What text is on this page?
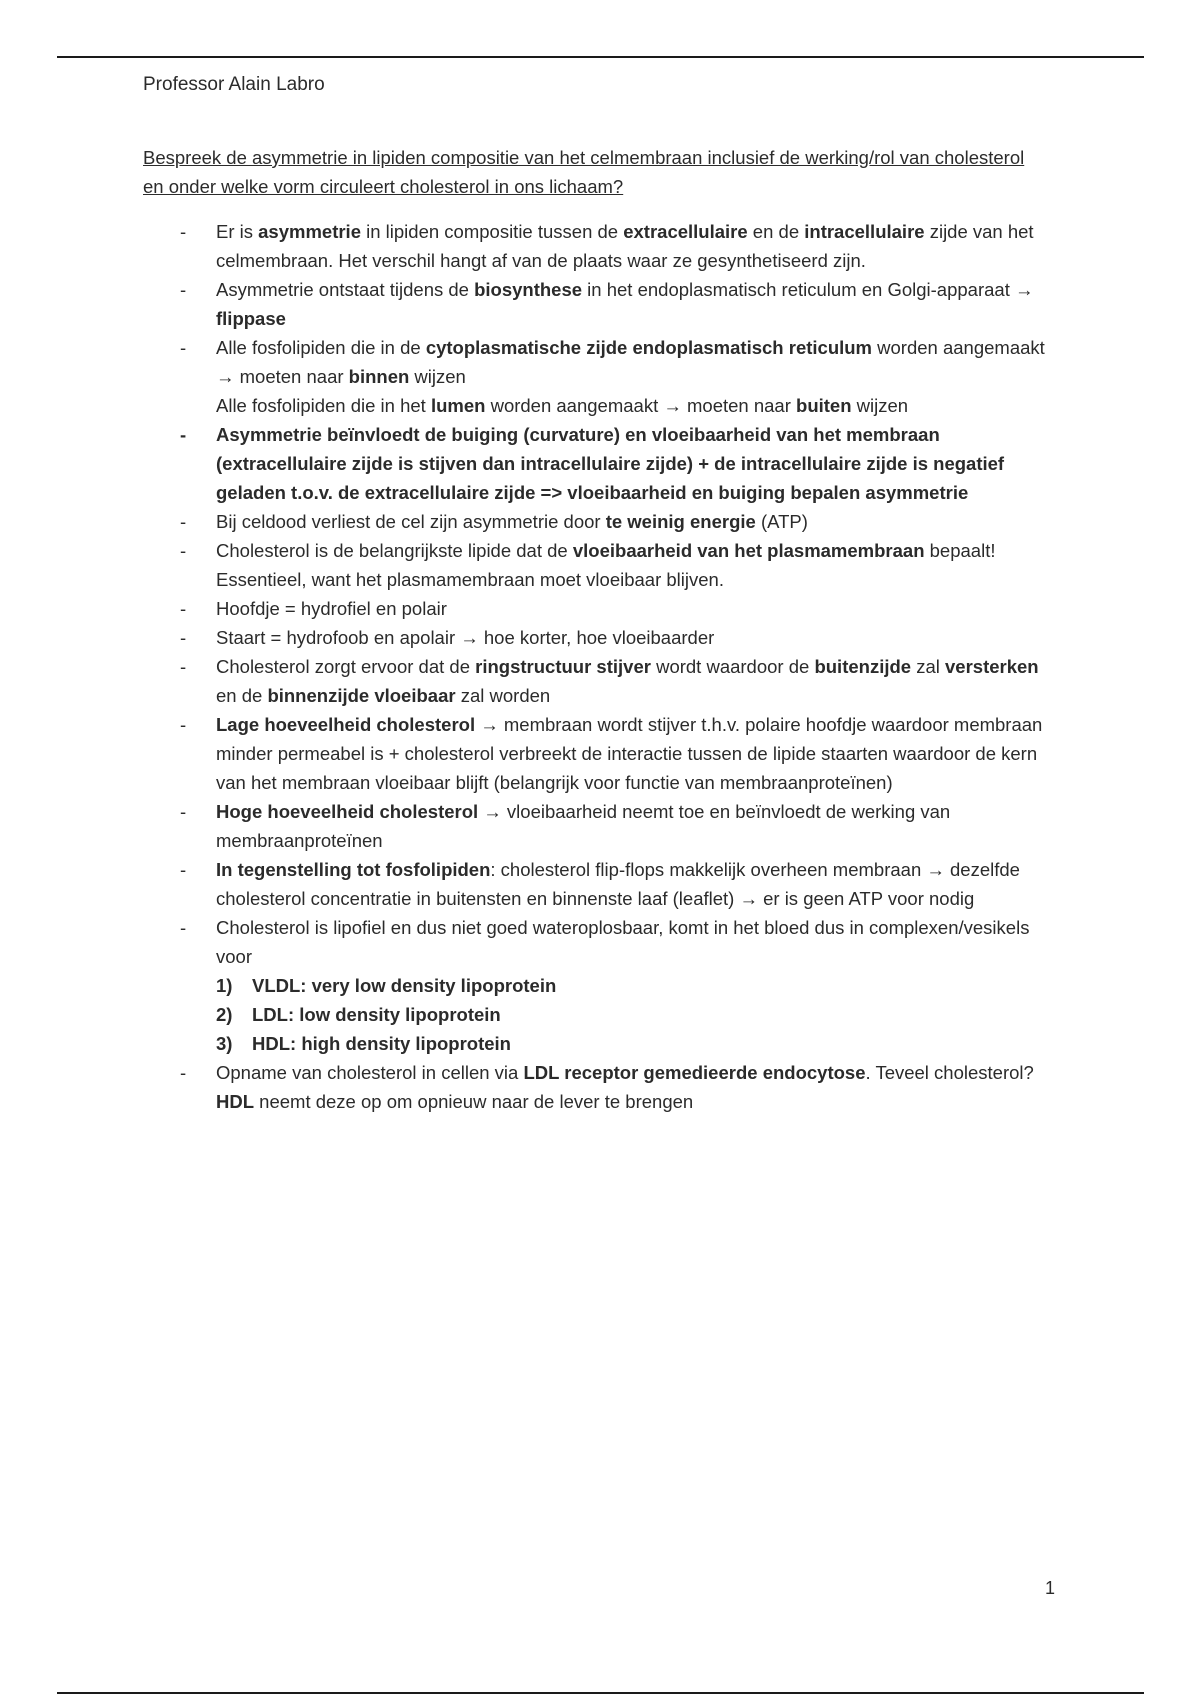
Professor Alain Labro
Bespreek de asymmetrie in lipiden compositie van het celmembraan inclusief de werking/rol van cholesterol en onder welke vorm circuleert cholesterol in ons lichaam?
- Er is asymmetrie in lipiden compositie tussen de extracellulaire en de intracellulaire zijde van het celmembraan. Het verschil hangt af van de plaats waar ze gesynthetiseerd zijn.
- Asymmetrie ontstaat tijdens de biosynthese in het endoplasmatisch reticulum en Golgi-apparaat → flippase
- Alle fosfolipiden die in de cytoplasmatische zijde endoplasmatisch reticulum worden aangemaakt → moeten naar binnen wijzen
Alle fosfolipiden die in het lumen worden aangemaakt → moeten naar buiten wijzen
- Asymmetrie beïnvloedt de buiging (curvature) en vloeibaarheid van het membraan (extracellulaire zijde is stijven dan intracellulaire zijde) + de intracellulaire zijde is negatief geladen t.o.v. de extracellulaire zijde => vloeibaarheid en buiging bepalen asymmetrie
- Bij celdood verliest de cel zijn asymmetrie door te weinig energie (ATP)
- Cholesterol is de belangrijkste lipide dat de vloeibaarheid van het plasmamembraan bepaalt! Essentieel, want het plasmamembraan moet vloeibaar blijven.
- Hoofdje = hydrofiel en polair
- Staart = hydrofoob en apolair → hoe korter, hoe vloeibaarder
- Cholesterol zorgt ervoor dat de ringstructuur stijver wordt waardoor de buitenzijde zal versterken en de binnenzijde vloeibaar zal worden
- Lage hoeveelheid cholesterol → membraan wordt stijver t.h.v. polaire hoofdje waardoor membraan minder permeabel is + cholesterol verbreekt de interactie tussen de lipide staarten waardoor de kern van het membraan vloeibaar blijft (belangrijk voor functie van membraanproteïnen)
- Hoge hoeveelheid cholesterol → vloeibaarheid neemt toe en beïnvloedt de werking van membraanproteïnen
- In tegenstelling tot fosfolipiden: cholesterol flip-flops makkelijk overheen membraan → dezelfde cholesterol concentratie in buitensten en binnenste laaf (leaflet) → er is geen ATP voor nodig
- Cholesterol is lipofiel en dus niet goed wateroplosbaar, komt in het bloed dus in complexen/vesikels voor
1) VLDL: very low density lipoprotein
2) LDL: low density lipoprotein
3) HDL: high density lipoprotein
- Opname van cholesterol in cellen via LDL receptor gemedieerde endocytose. Teveel cholesterol? HDL neemt deze op om opnieuw naar de lever te brengen
1
